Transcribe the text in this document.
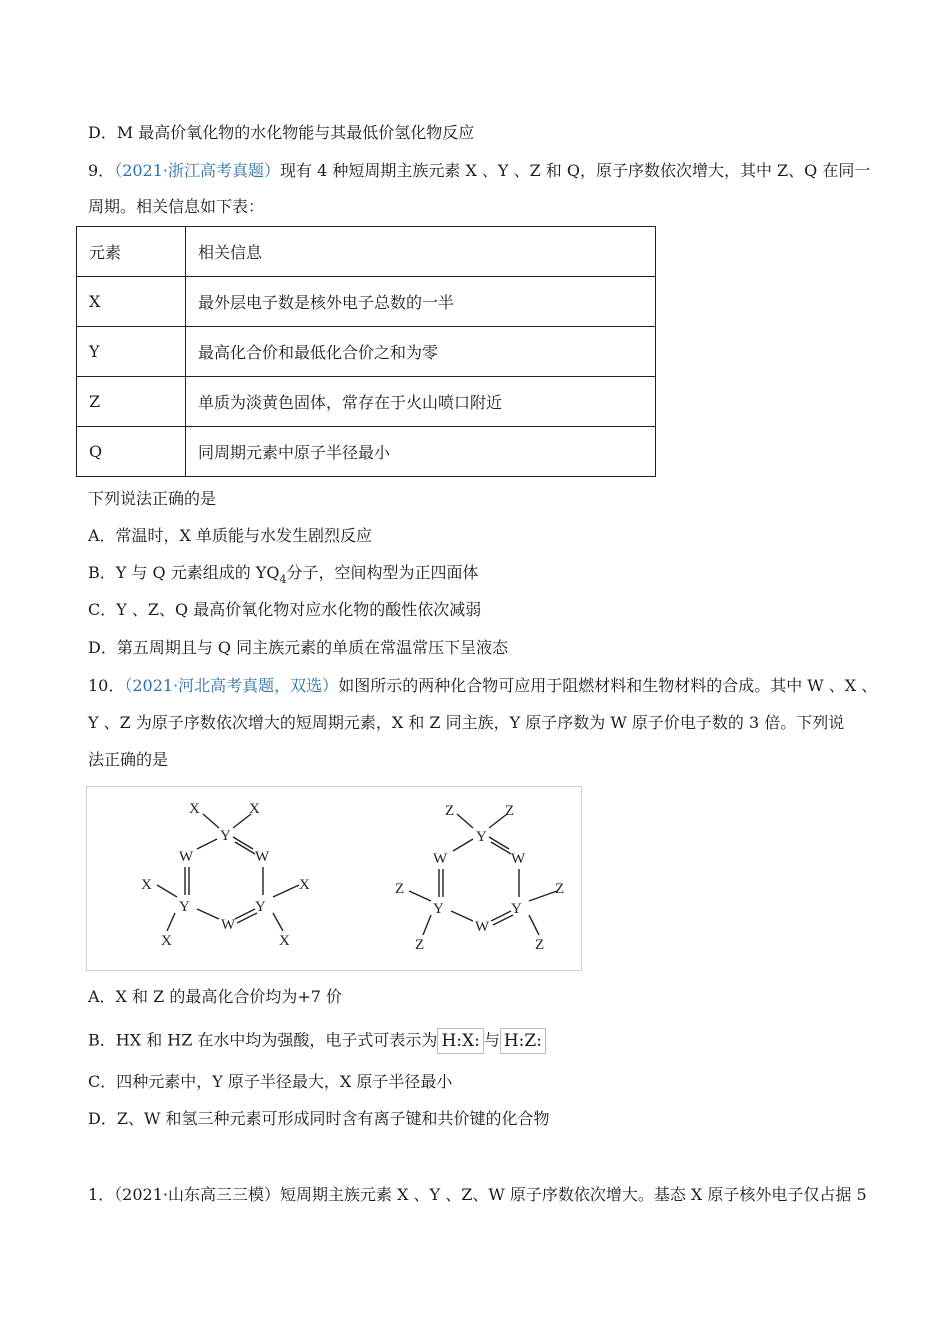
D．M 最高价氧化物的水化物能与其最低价氢化物反应
9．（2021·浙江高考真题）现有 4 种短周期主族元素 X 、Y 、Z 和 Q，原子序数依次增大，其中 Z、Q 在同一
周期。相关信息如下表：
元素	相关信息
X	最外层电子数是核外电子总数的一半
Y	最高化合价和最低化合价之和为零
Z	单质为淡黄色固体，常存在于火山喷口附近
Q	同周期元素中原子半径最小
下列说法正确的是
A．常温时，X 单质能与水发生剧烈反应
B．Y 与 Q 元素组成的 $YQ_4$分子，空间构型为正四面体
C．Y 、Z、Q 最高价氧化物对应水化物的酸性依次减弱
D．第五周期且与 Q 同主族元素的单质在常温常压下呈液态
10．（2021·河北高考真题，双选）如图所示的两种化合物可应用于阻燃材料和生物材料的合成。其中 W 、X 、
Y 、Z 为原子序数依次增大的短周期元素，X 和 Z 同主族，Y 原子序数为 W 原子价电子数的 3 倍。下列说
法正确的是
X	X
Y
W	W
X
Y	Y
W
X
X	X
Z	Z
Y
W	W
Z
Y	Y
W
Z
Z	Z
A．X 和 Z 的最高化合价均为+7 价
B．HX 和 HZ 在水中均为强酸，电子式可表示为 H:X: 与 H:Z:
C．四种元素中，Y 原子半径最大，X 原子半径最小
D．Z、W 和氢三种元素可形成同时含有离子键和共价键的化合物
1．（2021·山东高三三模）短周期主族元素 X 、Y 、Z、W 原子序数依次增大。基态 X 原子核外电子仅占据 5
